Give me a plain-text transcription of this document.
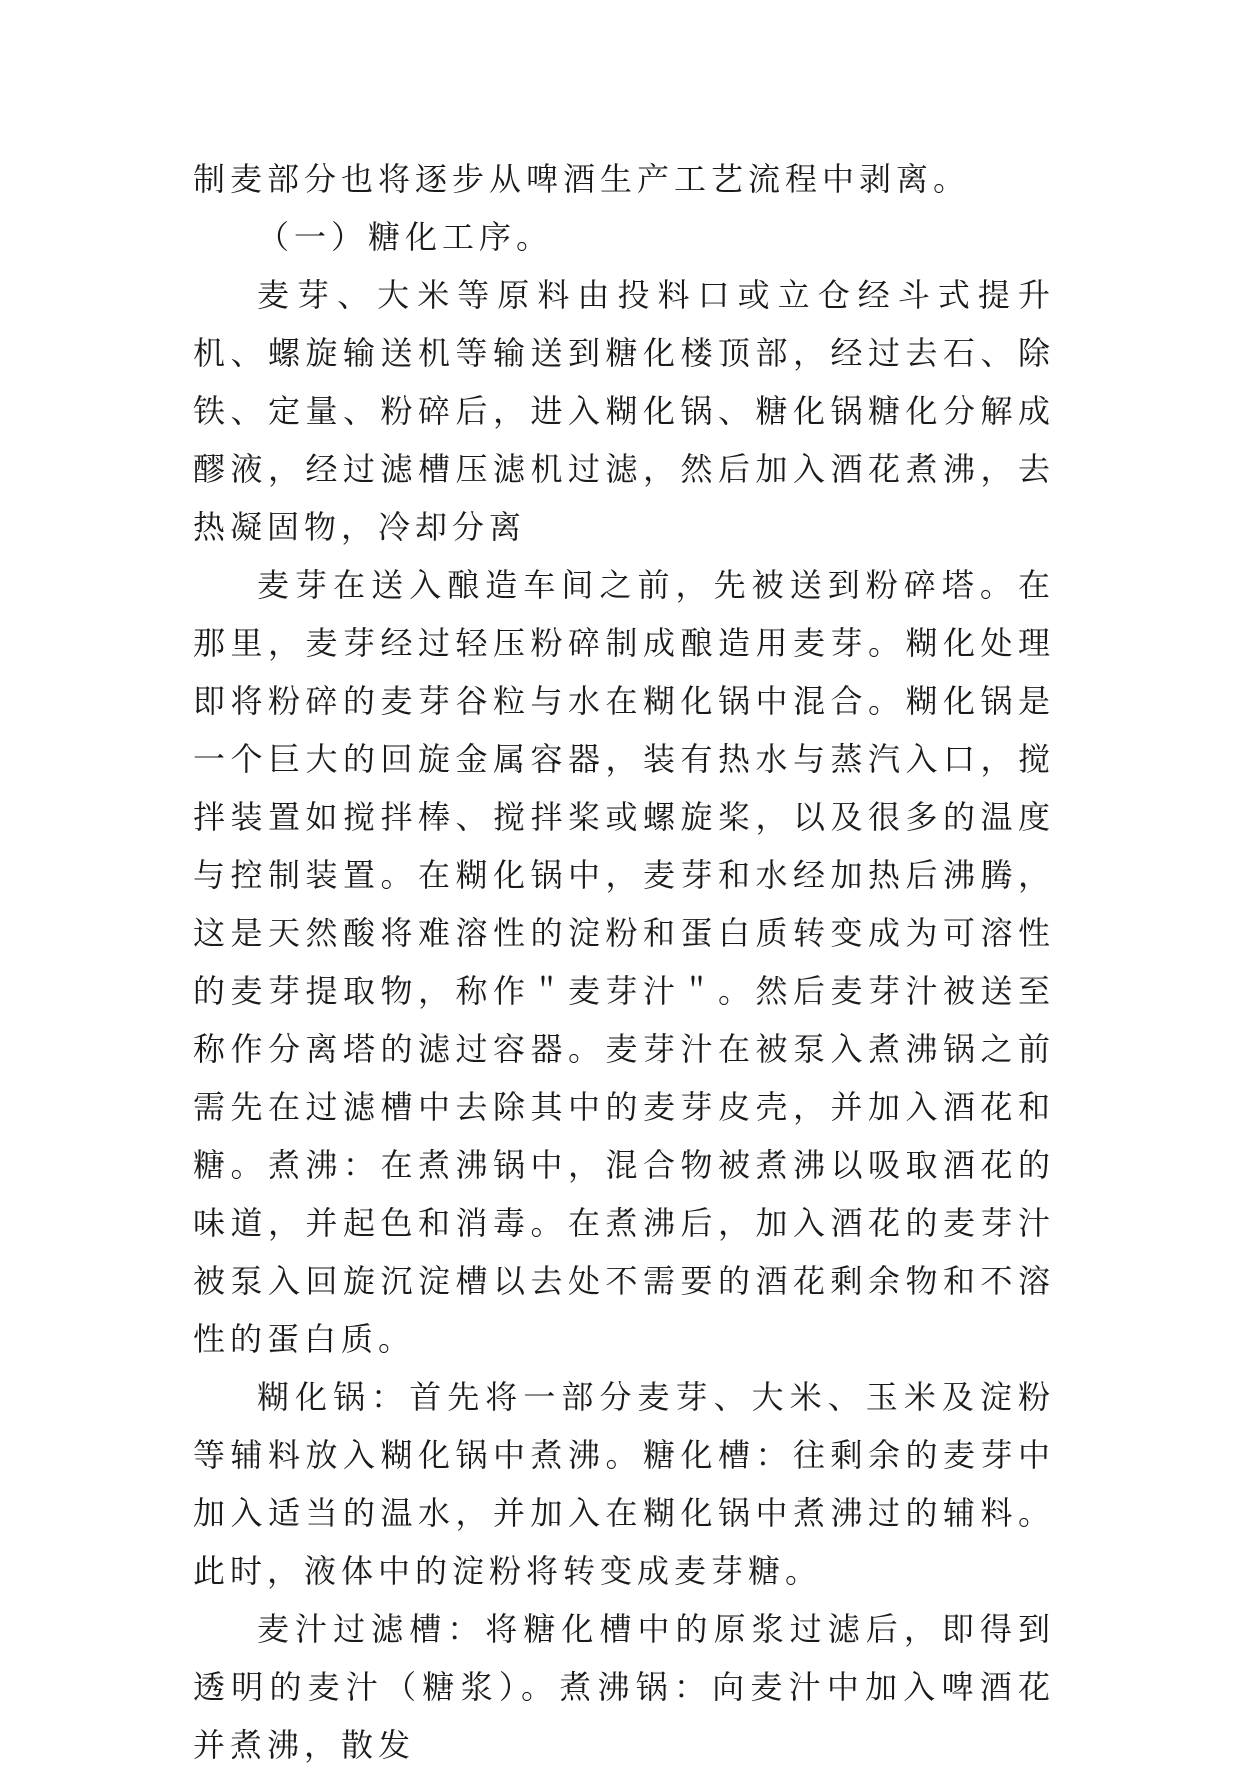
制麦部分也将逐步从啤酒生产工艺流程中剥离。

（一）糖化工序。

麦芽、大米等原料由投料口或立仓经斗式提升机、螺旋输送机等输送到糖化楼顶部，经过去石、除铁、定量、粉碎后，进入糊化锅、糖化锅糖化分解成醪液，经过滤槽压滤机过滤，然后加入酒花煮沸，去热凝固物，冷却分离

麦芽在送入酿造车间之前，先被送到粉碎塔。在那里，麦芽经过轻压粉碎制成酿造用麦芽。糊化处理即将粉碎的麦芽谷粒与水在糊化锅中混合。糊化锅是一个巨大的回旋金属容器，装有热水与蒸汽入口，搅拌装置如搅拌棒、搅拌桨或螺旋桨，以及很多的温度与控制装置。在糊化锅中，麦芽和水经加热后沸腾，这是天然酸将难溶性的淀粉和蛋白质转变成为可溶性的麦芽提取物，称作＂麦芽汁＂。然后麦芽汁被送至称作分离塔的滤过容器。麦芽汁在被泵入煮沸锅之前需先在过滤槽中去除其中的麦芽皮壳，并加入酒花和糖。煮沸：在煮沸锅中，混合物被煮沸以吸取酒花的味道，并起色和消毒。在煮沸后，加入酒花的麦芽汁被泵入回旋沉淀槽以去处不需要的酒花剩余物和不溶性的蛋白质。

糊化锅：首先将一部分麦芽、大米、玉米及淀粉等辅料放入糊化锅中煮沸。糖化槽：往剩余的麦芽中加入适当的温水，并加入在糊化锅中煮沸过的辅料。此时，液体中的淀粉将转变成麦芽糖。

麦汁过滤槽：将糖化槽中的原浆过滤后，即得到透明的麦汁（糖浆）。煮沸锅：向麦汁中加入啤酒花并煮沸，散发
